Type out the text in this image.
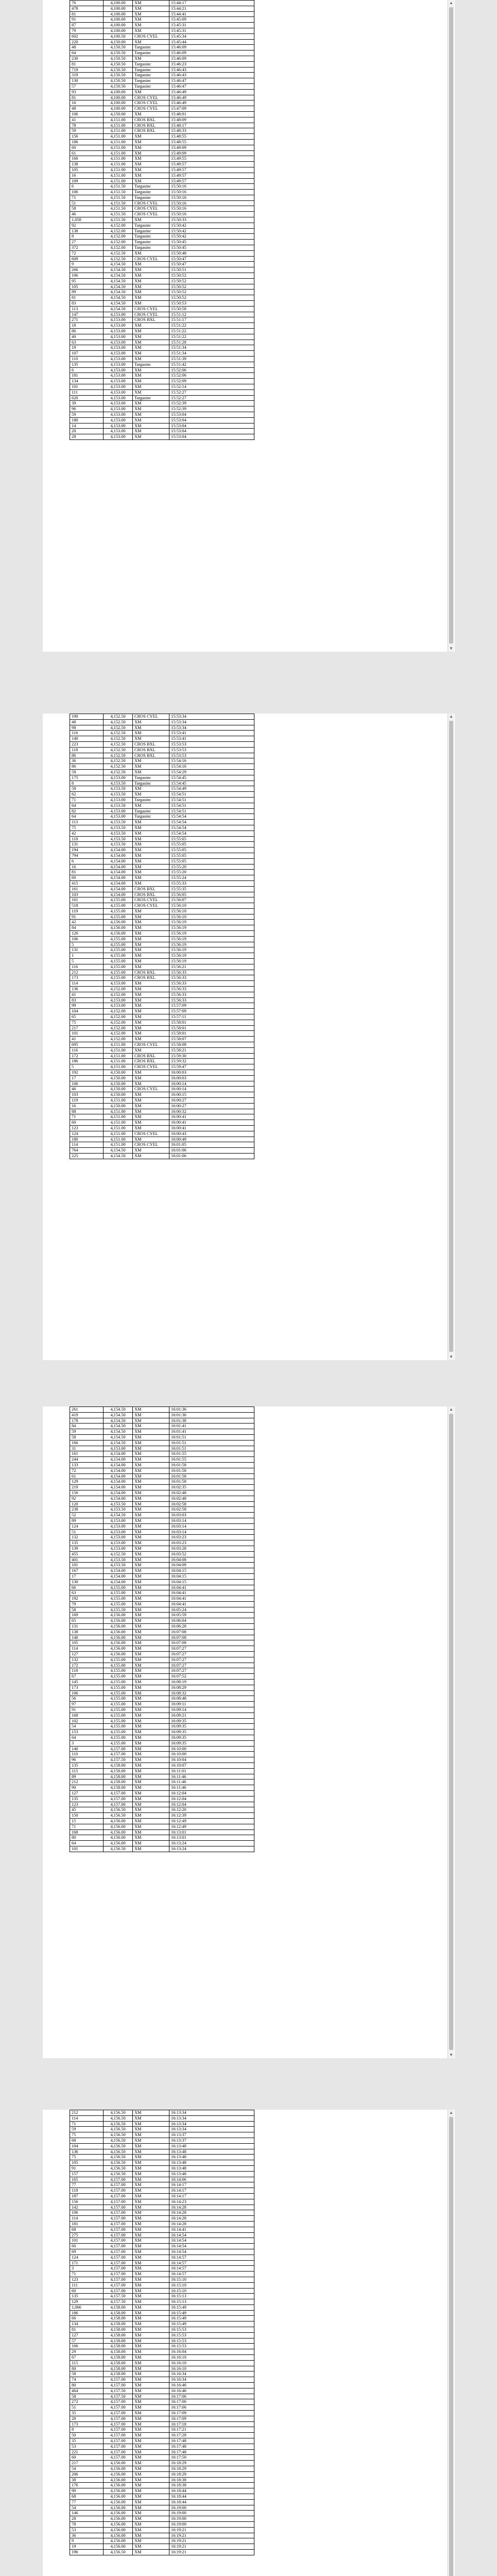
76	4,100.00	ΧΜ	15:44:17
478	4,100.00	ΧΜ	15:44:21
81	4,100.00	ΧΜ	15:44:41
91	4,100.00	ΧΜ	15:45:09
87	4,100.00	ΧΜ	15:45:31
79	4,100.00	ΧΜ	15:45:31
602	4,100.50	CROS CYEL	15:45:34
220	4,150.00	ΧΜ	15:45:44
48	4,150.50	Targasinc	15:46:09
64	4,150.50	Targasinc	15:46:09
230	4,150.50	ΧΜ	15:46:09
81	4,150.50	Targasinc	15:46:23
719	4,150.50	Targasinc	15:46:43
319	4,150.50	Targasinc	15:46:43
130	4,150.50	Targasinc	15:46:47
57	4,150.50	Targasinc	15:46:47
93	4,100.00	ΧΜ	15:46:49
81	4,100.00	CROS CYEL	15:46:49
16	4,100.00	CROS CYEL	15:46:49
48	4,100.00	CROS CYEL	15:47:09
106	4,150.00	ΧΜ	15:48:01
41	4,151.00	CROS BXL	15:48:09
78	4,151.00	CROS BXL	15:48:17
59	4,151.00	CROS BXL	15:48:33
156	4,151.00	ΧΜ	15:48:55
186	4,151.00	ΧΜ	15:48:55
60	4,151.00	ΧΜ	15:49:09
61	4,151.00	ΧΜ	15:49:09
166	4,151.00	ΧΜ	15:49:55
138	4,151.00	ΧΜ	15:49:57
105	4,151.00	ΧΜ	15:49:57
16	4,151.00	ΧΜ	15:49:57
109	4,151.00	ΧΜ	15:49:57
6	4,151.50	Targasinc	15:50:16
106	4,151.50	Targasinc	15:50:16
71	4,151.50	Targasinc	15:50:16
51	4,151.50	CROS CYEL	15:50:16
58	4,151.50	CROS CYEL	15:50:16
46	4,151.50	CROS CYEL	15:50:16
1,058	4,151.50	ΧΜ	15:50:33
92	4,152.00	Targasinc	15:50:42
138	4,152.00	Targasinc	15:50:42
8	4,152.00	Targasinc	15:50:42
27	4,152.00	Targasinc	15:50:45
372	4,152.00	Targasinc	15:50:45
72	4,152.50	ΧΜ	15:50:48
609	4,152.50	CROS CYEL	15:50:47
9	4,154.50	ΧΜ	15:50:47
266	4,154.50	ΧΜ	15:50:51
106	4,154.50	ΧΜ	15:50:52
95	4,154.50	ΧΜ	15:50:52
105	4,154.50	ΧΜ	15:50:52
89	4,154.50	ΧΜ	15:50:52
81	4,154.50	ΧΜ	15:50:52
83	4,154.50	ΧΜ	15:50:53
113	4,154.50	CROS CYEL	15:50:58
147	4,153.00	CROS CYEL	15:51:12
271	4,153.00	CROS BXL	15:51:17
18	4,153.00	ΧΜ	15:51:22
86	4,153.00	ΧΜ	15:51:22
40	4,153.00	ΧΜ	15:51:22
63	4,153.00	ΧΜ	15:51:28
19	4,153.00	ΧΜ	15:51:34
107	4,153.00	ΧΜ	15:51:34
110	4,153.00	ΧΜ	15:51:39
135	4,153.00	Targasinc	15:51:42
6	4,153.00	ΧΜ	15:52:06
181	4,153.00	ΧΜ	15:52:06
134	4,153.00	ΧΜ	15:52:09
101	4,153.00	ΧΜ	15:52:14
111	4,153.00	ΧΜ	15:52:27
620	4,153.00	Targasinc	15:52:27
39	4,153.00	ΧΜ	15:52:39
96	4,153.00	ΧΜ	15:52:39
59	4,153.00	ΧΜ	15:53:04
180	4,153.00	ΧΜ	15:53:04
14	4,153.00	ΧΜ	15:53:04
28	4,153.00	ΧΜ	15:53:04
28	4,153.00	ΧΜ	15:53:04
▲
▼
190	4,152.50	CROS CYEL	15:53:34
48	4,152.50	ΧΜ	15:53:34
98	4,152.50	ΧΜ	15:53:34
116	4,152.50	ΧΜ	15:53:41
140	4,152.50	ΧΜ	15:53:41
223	4,152.50	CROS BXL	15:53:53
118	4,152.50	CROS BXL	15:53:53
86	4,152.50	CROS BXL	15:53:53
36	4,152.50	ΧΜ	15:54:16
86	4,152.50	ΧΜ	15:54:16
58	4,152.50	ΧΜ	15:54:29
175	4,153.00	Targasinc	15:54:45
8	4,153.50	Targasinc	15:54:45
58	4,153.50	ΧΜ	15:54:49
62	4,153.50	ΧΜ	15:54:51
71	4,153.00	Targasinc	15:54:51
64	4,153.50	ΧΜ	15:54:51
82	4,153.00	Targasinc	15:54:51
64	4,153.00	Targasinc	15:54:54
113	4,153.50	ΧΜ	15:54:54
75	4,153.50	ΧΜ	15:54:54
42	4,153.50	ΧΜ	15:54:54
118	4,153.50	ΧΜ	15:55:05
131	4,153.50	ΧΜ	15:55:05
194	4,154.00	ΧΜ	15:55:05
794	4,154.00	ΧΜ	15:55:05
6	4,154.00	ΧΜ	15:55:05
16	4,154.00	ΧΜ	15:55:20
81	4,154.00	ΧΜ	15:55:20
60	4,154.00	ΧΜ	15:55:24
415	4,154.00	ΧΜ	15:55:33
161	4,154.00	CROS BXL	15:55:35
103	4,154.00	CROS BXL	15:56:05
161	4,155.00	CROS CYEL	15:56:07
518	4,155.00	CROS CYEL	15:56:10
119	4,155.00	ΧΜ	15:56:10
91	4,155.00	ΧΜ	15:56:10
42	4,156.00	ΧΜ	15:56:19
84	4,156.00	ΧΜ	15:56:19
126	4,156.00	ΧΜ	15:56:19
106	4,155.00	ΧΜ	15:56:19
5	4,155.00	ΧΜ	15:56:19
131	4,155.00	ΧΜ	15:56:19
1	4,155.00	ΧΜ	15:56:19
5	4,155.00	ΧΜ	15:56:19
116	4,155.00	ΧΜ	15:56:21
212	4,155.00	CROS BXL	15:56:33
173	4,155.00	CROS BXL	15:56:33
114	4,153.00	ΧΜ	15:56:33
136	4,152.00	ΧΜ	15:56:33
41	4,152.00	ΧΜ	15:56:33
83	4,153.00	ΧΜ	15:56:33
99	4,153.00	ΧΜ	15:57:09
104	4,152.00	ΧΜ	15:57:09
65	4,152.00	ΧΜ	15:57:11
75	4,152.00	ΧΜ	15:58:01
217	4,152.00	ΧΜ	15:58:01
101	4,152.00	ΧΜ	15:58:01
41	4,152.00	ΧΜ	15:58:07
695	4,151.00	CROS CYEL	15:58:08
116	4,151.00	ΧΜ	15:58:21
172	4,151.00	CROS BXL	15:59:30
186	4,151.00	CROS BXL	15:59:32
5	4,151.00	CROS CYEL	15:59:47
192	4,150.00	ΧΜ	16:00:03
17	4,150.00	ΧΜ	16:00:03
106	4,150.00	ΧΜ	16:00:14
46	4,150.00	CROS CYEL	16:00:14
103	4,150.00	ΧΜ	16:00:15
119	4,151.00	ΧΜ	16:00:27
16	4,150.00	ΧΜ	16:00:27
88	4,151.00	ΧΜ	16:00:32
71	4,151.00	ΧΜ	16:00:41
60	4,151.00	ΧΜ	16:00:41
123	4,151.00	ΧΜ	16:00:41
124	4,151.00	CROS CYEL	16:00:43
180	4,151.00	ΧΜ	16:00:49
114	4,151.00	CROS CYEL	16:01:05
764	4,154.50	ΧΜ	16:01:06
225	4,154.50	ΧΜ	16:01:06
▲
▼
261	4,154.50	ΧΜ	16:01:36
419	4,154.50	ΧΜ	16:01:36
178	4,154.50	ΧΜ	16:01:38
84	4,154.50	ΧΜ	16:01:41
59	4,154.50	ΧΜ	16:01:41
58	4,154.50	ΧΜ	16:01:51
166	4,154.50	ΧΜ	16:01:51
31	4,153.00	ΧΜ	16:01:51
161	4,154.00	ΧΜ	16:01:55
244	4,154.00	ΧΜ	16:01:55
133	4,154.00	ΧΜ	16:01:58
72	4,154.00	ΧΜ	16:01:58
61	4,154.00	ΧΜ	16:01:58
129	4,154.00	ΧΜ	16:01:58
219	4,154.00	ΧΜ	16:02:35
156	4,154.00	ΧΜ	16:02:48
92	4,154.00	ΧΜ	16:02:48
120	4,153.50	ΧΜ	16:02:58
238	4,153.50	ΧΜ	16:02:58
52	4,154.50	ΧΜ	16:03:03
89	4,153.00	ΧΜ	16:03:14
124	4,153.00	ΧΜ	16:03:14
51	4,153.00	ΧΜ	16:03:14
132	4,153.00	ΧΜ	16:03:23
135	4,153.00	ΧΜ	16:03:23
139	4,153.00	ΧΜ	16:03:28
455	4,152.50	ΧΜ	16:03:52
401	4,153.50	ΧΜ	16:04:08
101	4,153.50	ΧΜ	16:04:09
167	4,154.00	ΧΜ	16:04:15
17	4,154.00	ΧΜ	16:04:15
130	4,154.00	ΧΜ	16:04:15
66	4,155.00	ΧΜ	16:04:41
63	4,155.00	ΧΜ	16:04:41
192	4,155.00	ΧΜ	16:04:41
79	4,155.00	ΧΜ	16:04:41
58	4,155.50	ΧΜ	16:05:24
169	4,156.00	ΧΜ	16:05:59
65	4,156.00	ΧΜ	16:06:04
131	4,156.00	ΧΜ	16:06:28
138	4,156.00	ΧΜ	16:07:08
140	4,156.00	ΧΜ	16:07:08
105	4,156.00	ΧΜ	16:07:08
114	4,156.00	ΧΜ	16:07:27
127	4,156.00	ΧΜ	16:07:27
132	4,155.00	ΧΜ	16:07:27
172	4,155.00	ΧΜ	16:07:27
118	4,155.00	ΧΜ	16:07:27
67	4,155.00	ΧΜ	16:07:52
145	4,155.00	ΧΜ	16:08:19
173	4,155.00	ΧΜ	16:08:29
106	4,155.00	ΧΜ	16:08:32
56	4,155.00	ΧΜ	16:08:48
97	4,155.00	ΧΜ	16:09:11
91	4,155.00	ΧΜ	16:09:14
168	4,155.00	ΧΜ	16:09:21
102	4,155.00	ΧΜ	16:09:35
54	4,155.00	ΧΜ	16:09:35
153	4,155.00	ΧΜ	16:09:35
64	4,155.00	ΧΜ	16:09:35
3	4,155.00	ΧΜ	16:09:35
140	4,157.00	ΧΜ	16:10:00
110	4,157.00	ΧΜ	16:10:00
96	4,157.50	ΧΜ	16:10:04
135	4,158.00	ΧΜ	16:10:07
115	4,158.00	ΧΜ	16:11:01
89	4,158.00	ΧΜ	16:11:46
212	4,158.00	ΧΜ	16:11:46
90	4,158.00	ΧΜ	16:11:46
127	4,157.00	ΧΜ	16:12:04
135	4,157.00	ΧΜ	16:12:04
123	4,157.00	ΧΜ	16:12:04
45	4,156.50	ΧΜ	16:12:20
150	4,156.50	ΧΜ	16:12:39
15	4,156.00	ΧΜ	16:12:49
71	4,156.00	ΧΜ	16:12:49
168	4,156.00	ΧΜ	16:13:01
80	4,156.00	ΧΜ	16:13:01
64	4,156.00	ΧΜ	16:13:24
101	4,156.50	ΧΜ	16:13:24
▲
▼
212	4,156.50	ΧΜ	16:13:34
114	4,156.50	ΧΜ	16:13:34
71	4,156.50	ΧΜ	16:13:34
59	4,156.50	ΧΜ	16:13:34
75	4,156.50	ΧΜ	16:13:37
68	4,156.50	ΧΜ	16:13:37
104	4,156.50	ΧΜ	16:13:48
136	4,156.50	ΧΜ	16:13:48
75	4,156.50	ΧΜ	16:13:48
105	4,156.50	ΧΜ	16:13:48
91	4,156.50	ΧΜ	16:13:48
157	4,156.50	ΧΜ	16:13:48
165	4,157.00	ΧΜ	16:14:06
77	4,157.00	ΧΜ	16:14:17
118	4,157.00	ΧΜ	16:14:17
187	4,157.00	ΧΜ	16:14:17
156	4,157.00	ΧΜ	16:14:23
142	4,157.00	ΧΜ	16:14:28
106	4,157.00	ΧΜ	16:14:28
114	4,157.00	ΧΜ	16:14:28
181	4,157.00	ΧΜ	16:14:28
68	4,157.00	ΧΜ	16:14:41
275	4,157.00	ΧΜ	16:14:54
101	4,157.00	ΧΜ	16:14:54
60	4,157.00	ΧΜ	16:14:54
69	4,157.00	ΧΜ	16:14:54
124	4,157.00	ΧΜ	16:14:57
171	4,157.00	ΧΜ	16:14:57
3	4,157.00	ΧΜ	16:14:57
71	4,157.00	ΧΜ	16:14:57
123	4,157.00	ΧΜ	16:15:10
111	4,157.00	ΧΜ	16:15:10
60	4,157.00	ΧΜ	16:15:10
135	4,157.50	ΧΜ	16:15:13
129	4,157.50	ΧΜ	16:15:13
1,066	4,158.00	ΧΜ	16:15:49
186	4,158.00	ΧΜ	16:15:49
66	4,158.00	ΧΜ	16:15:49
134	4,158.00	ΧΜ	16:15:49
81	4,158.00	ΧΜ	16:15:53
127	4,158.00	ΧΜ	16:15:53
57	4,158.00	ΧΜ	16:15:53
166	4,158.00	ΧΜ	16:15:53
29	4,158.00	ΧΜ	16:16:04
67	4,158.00	ΧΜ	16:16:10
115	4,158.00	ΧΜ	16:16:10
80	4,158.00	ΧΜ	16:16:10
58	4,158.00	ΧΜ	16:16:34
74	4,157.00	ΧΜ	16:16:34
80	4,157.00	ΧΜ	16:16:46
464	4,157.50	ΧΜ	16:16:46
58	4,157.50	ΧΜ	16:17:06
272	4,157.00	ΧΜ	16:17:06
51	4,157.00	ΧΜ	16:17:06
35	4,157.00	ΧΜ	16:17:09
28	4,157.00	ΧΜ	16:17:09
173	4,157.00	ΧΜ	16:17:18
8	4,157.00	ΧΜ	16:17:21
50	4,157.00	ΧΜ	16:17:28
35	4,157.00	ΧΜ	16:17:48
53	4,157.00	ΧΜ	16:17:48
221	4,157.00	ΧΜ	16:17:48
60	4,157.00	ΧΜ	16:17:50
217	4,156.00	ΧΜ	16:18:29
54	4,156.00	ΧΜ	16:18:29
206	4,156.00	ΧΜ	16:18:29
38	4,156.00	ΧΜ	16:18:38
176	4,156.00	ΧΜ	16:18:38
90	4,156.00	ΧΜ	16:18:44
68	4,156.00	ΧΜ	16:18:44
77	4,156.00	ΧΜ	16:18:44
54	4,156.00	ΧΜ	16:19:00
146	4,156.00	ΧΜ	16:19:00
28	4,156.00	ΧΜ	16:19:00
78	4,156.00	ΧΜ	16:19:00
53	4,156.00	ΧΜ	16:19:21
36	4,156.00	ΧΜ	16:19:21
9	4,156.00	ΧΜ	16:19:21
19	4,156.00	ΧΜ	16:19:21
196	4,156.50	ΧΜ	16:19:21
▲
